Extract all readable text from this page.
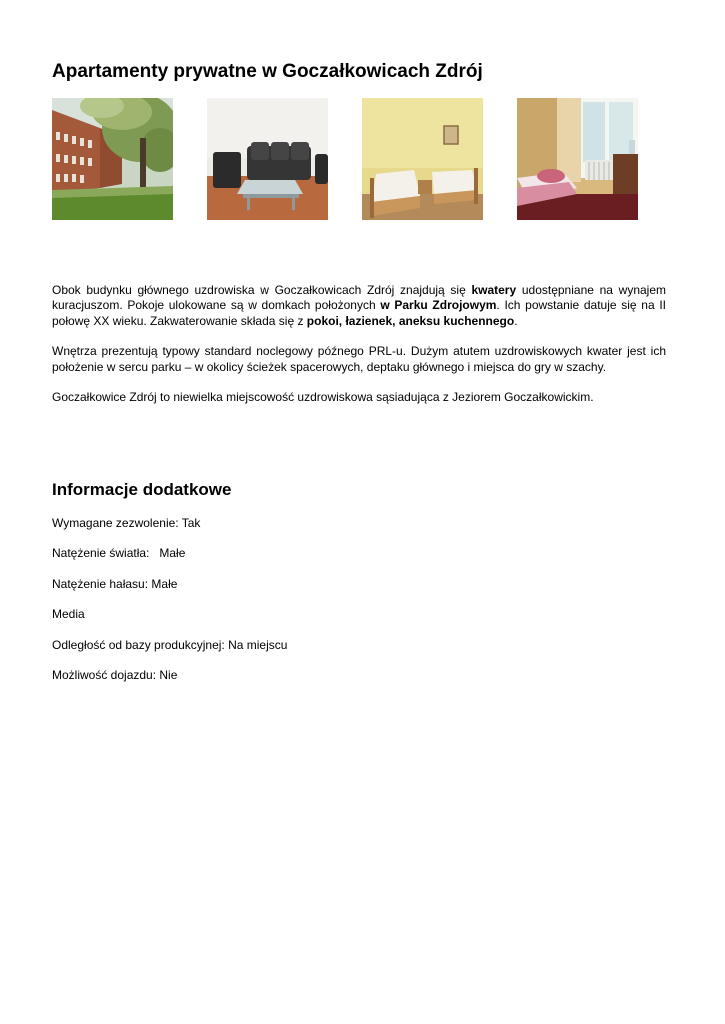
Apartamenty prywatne w Goczałkowicach Zdrój

Obok budynku głównego uzdrowiska w Goczałkowicach Zdrój znajdują się kwatery udostępniane na wynajem kuracjuszom. Pokoje ulokowane są w domkach położonych w Parku Zdrojowym. Ich powstanie datuje się na II połowę XX wieku. Zakwaterowanie składa się z pokoi, łazienek, aneksu kuchennego.

Wnętrza prezentują typowy standard noclegowy późnego PRL-u. Dużym atutem uzdrowiskowych kwater jest ich położenie w sercu parku – w okolicy ścieżek spacerowych, deptaku głównego i miejsca do gry w szachy.

Goczałkowice Zdrój to niewielka miejscowość uzdrowiskowa sąsiadująca z Jeziorem Goczałkowickim.

Informacje dodatkowe
Wymagane zezwolenie: Tak
Natężenie światła:   Małe
Natężenie hałasu: Małe
Media
Odległość od bazy produkcyjnej: Na miejscu
Możliwość dojazdu: Nie
